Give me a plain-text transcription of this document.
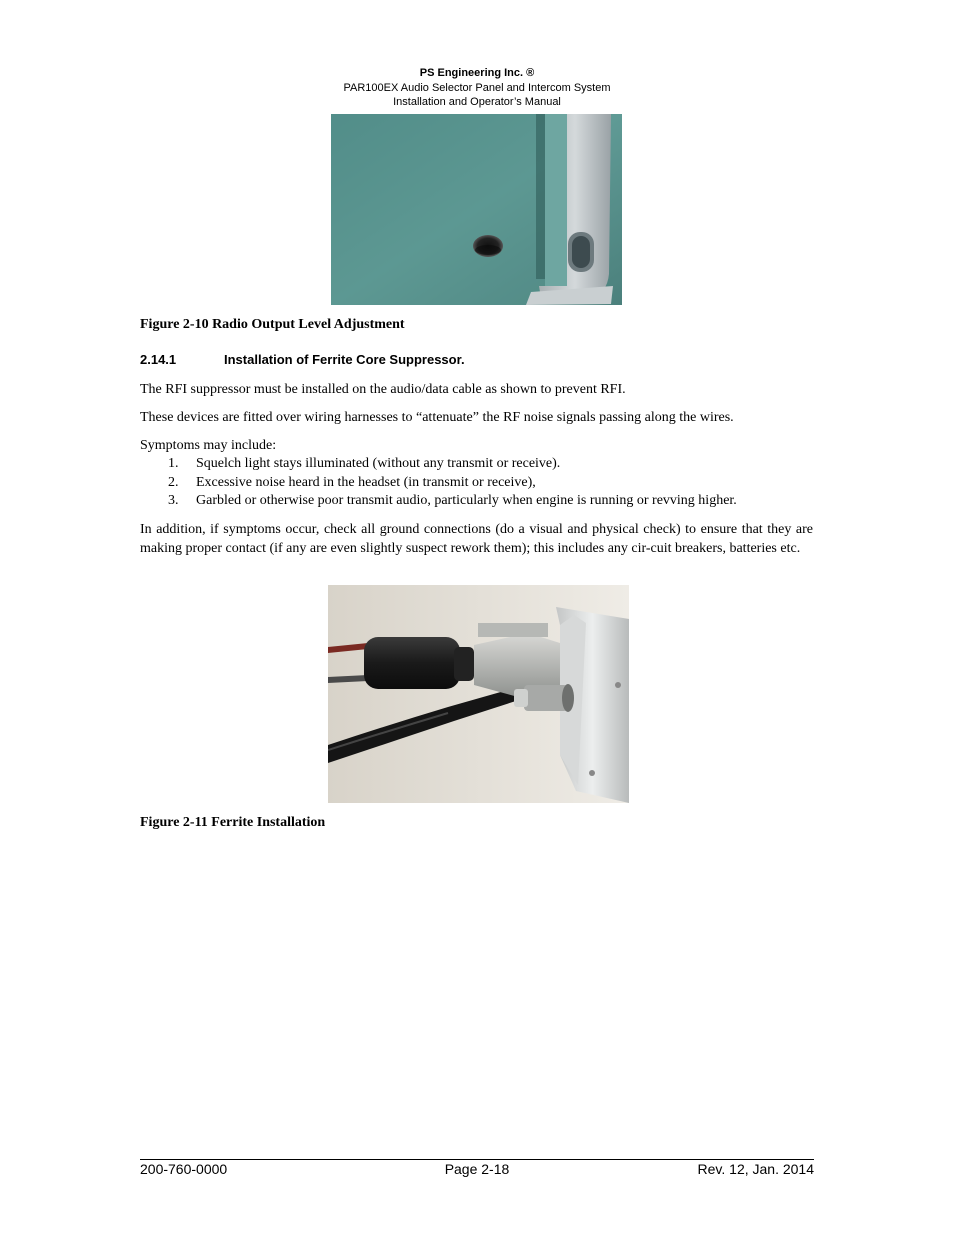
PS Engineering Inc. ®
PAR100EX Audio Selector Panel and Intercom System
Installation and Operator’s Manual
Figure 2-10 Radio Output Level Adjustment
2.14.1	Installation of Ferrite Core Suppressor.
The RFI suppressor must be installed on the audio/data cable as shown to prevent RFI.
These devices are fitted over wiring harnesses to “attenuate” the RF noise signals passing along the wires.
Symptoms may include:
1. Squelch light stays illuminated (without any transmit or receive).
2. Excessive noise heard in the headset (in transmit or receive),
3. Garbled or otherwise poor transmit audio, particularly when engine is running or revving higher.
In addition, if symptoms occur, check all ground connections (do a visual and physical check) to ensure that they are making proper contact (if any are even slightly suspect rework them); this includes any cir-cuit breakers, batteries etc.
Figure 2-11 Ferrite Installation
200-760-0000	Page 2-18	Rev. 12, Jan. 2014
